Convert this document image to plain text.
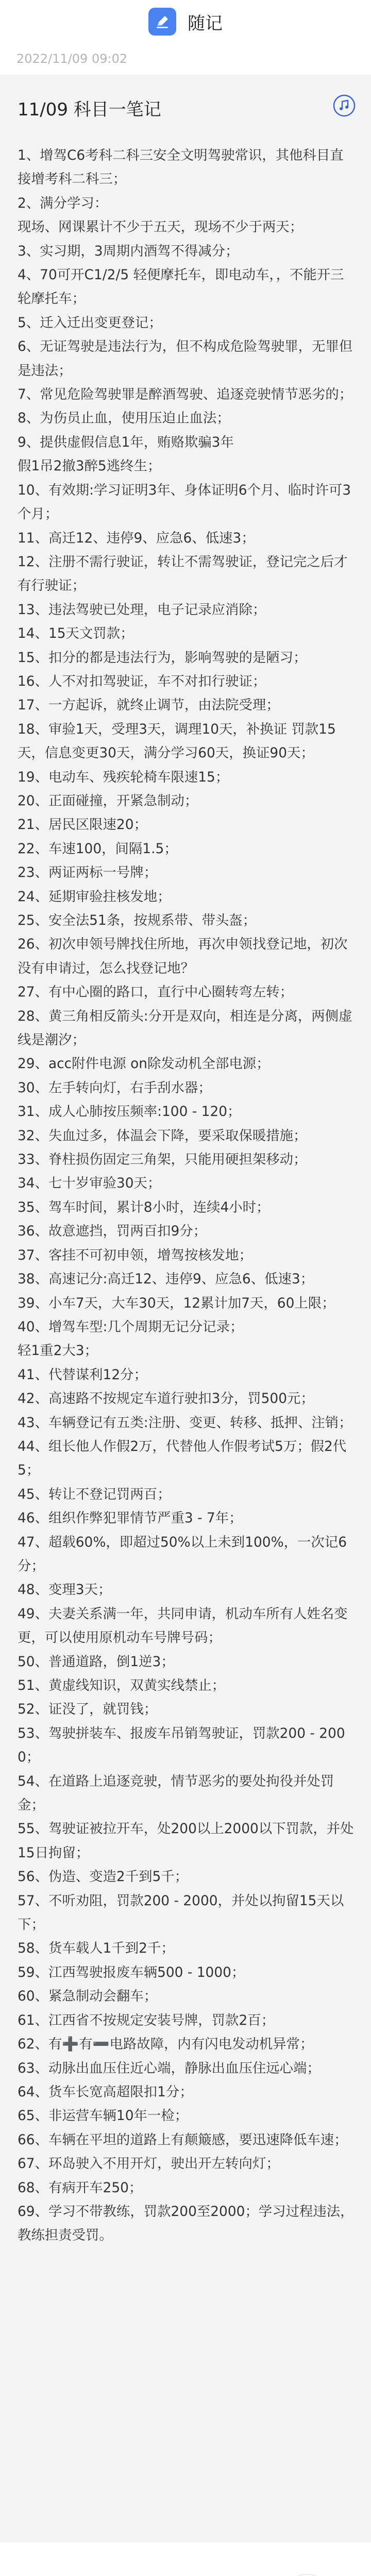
随记
2022/11/09 09:02
11/09 科目一笔记
1、增驾C6考科二科三安全文明驾驶常识，其他科目直接增考科二科三；
2、满分学习：
现场、网课累计不少于五天，现场不少于两天；
3、实习期，3周期内酒驾不得减分；
4、70可开C1/2/5 轻便摩托车，即电动车，，不能开三轮摩托车；
5、迁入迁出变更登记；
6、无证驾驶是违法行为，但不构成危险驾驶罪，无罪但是违法；
7、常见危险驾驶罪是醉酒驾驶、追逐竞驶情节恶劣的；
8、为伤员止血，使用压迫止血法；
9、提供虚假信息1年，贿赂欺骗3年
假1吊2撤3醉5逃终生；
10、有效期:学习证明3年、身体证明6个月、临时许可3个月；
11、高迁12、违停9、应急6、低速3；
12、注册不需行驶证，转让不需驾驶证，登记完之后才有行驶证；
13、违法驾驶已处理，电子记录应消除；
14、15天文罚款；
15、扣分的都是违法行为，影响驾驶的是陋习；
16、人不对扣驾驶证，车不对扣行驶证；
17、一方起诉，就终止调节，由法院受理；
18、审验1天，受理3天，调理10天，补换证 罚款15天，信息变更30天，满分学习60天，换证90天；
19、电动车、残疾轮椅车限速15；
20、正面碰撞，开紧急制动；
21、居民区限速20；
22、车速100，间隔1.5；
23、两证两标一号牌；
24、延期审验拄核发地；
25、安全法51条，按规系带、带头盔；
26、初次申领号牌找住所地，再次申领找登记地，初次没有申请过，怎么找登记地？
27、有中心圈的路口，直行中心圈转弯左转；
28、黄三角相反箭头:分开是双向，相连是分离，两侧虚线是潮汐；
29、acc附件电源 on除发动机全部电源；
30、左手转向灯，右手刮水器；
31、成人心肺按压频率:100 - 120；
32、失血过多，体温会下降，要采取保暖措施；
33、脊柱损伤固定三角架，只能用硬担架移动；
34、七十岁审验30天；
35、驾车时间，累计8小时，连续4小时；
36、故意遮挡，罚两百扣9分；
37、客挂不可初申领，增驾按核发地；
38、高速记分:高迁12、违停9、应急6、低速3；
39、小车7天，大车30天，12累计加7天，60上限；
40、增驾车型:几个周期无记分记录；
轻1重2大3；
41、代替谋利12分；
42、高速路不按规定车道行驶扣3分，罚500元；
43、车辆登记有五类:注册、变更、转移、抵押、注销；
44、组长他人作假2万，代替他人作假考试5万；假2代5；
45、转让不登记罚两百；
46、组织作弊犯罪情节严重3 - 7年；
47、超载60%，即超过50%以上未到100%，一次记6分；
48、变理3天；
49、夫妻关系满一年，共同申请，机动车所有人姓名变更，可以使用原机动车号牌号码；
50、普通道路，倒1逆3；
51、黄虚线知识，双黄实线禁止；
52、证没了，就罚钱；
53、驾驶拼装车、报废车吊销驾驶证，罚款200 - 2000；
54、在道路上追逐竞驶，情节恶劣的要处拘役并处罚金；
55、驾驶证被拉开车，处200以上2000以下罚款，并处15日拘留；
56、伪造、变造2千到5千；
57、不听劝阻，罚款200 - 2000，并处以拘留15天以下；
58、货车载人1千到2千；
59、江西驾驶报废车辆500 - 1000；
60、紧急制动会翻车；
61、江西省不按规定安装号牌，罚款2百；
62、有➕有➖电路故障，内有闪电发动机异常；
63、动脉出血压住近心端，静脉出血压住远心端；
64、货车长宽高超限扣1分；
65、非运营车辆10年一检；
66、车辆在平坦的道路上有颠簸感，要迅速降低车速；
67、环岛驶入不用开灯，驶出开左转向灯；
68、有病开车250；
69、学习不带教练，罚款200至2000；学习过程违法，教练担责受罚。
